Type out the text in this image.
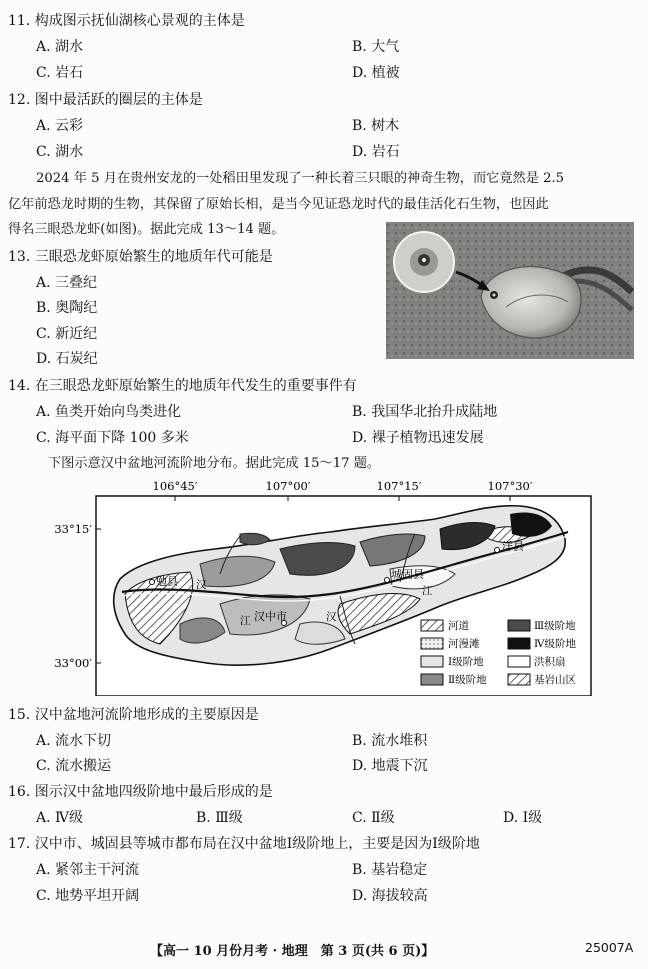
11. 构成图示抚仙湖核心景观的主体是
A. 湖水	B. 大气
C. 岩石	D. 植被
12. 图中最活跃的圈层的主体是
A. 云彩	B. 树木
C. 湖水	D. 岩石
2024 年 5 月在贵州安龙的一处稻田里发现了一种长着三只眼的神奇生物，而它竟然是 2.5
亿年前恐龙时期的生物，其保留了原始长相，是当今见证恐龙时代的最佳活化石生物，也因此
得名三眼恐龙虾(如图)。据此完成 13～14 题。
13. 三眼恐龙虾原始繁生的地质年代可能是
A. 三叠纪
B. 奥陶纪
C. 新近纪
D. 石炭纪
14. 在三眼恐龙虾原始繁生的地质年代发生的重要事件有
A. 鱼类开始向鸟类进化	B. 我国华北抬升成陆地
C. 海平面下降 100 多米	D. 裸子植物迅速发展
下图示意汉中盆地河流阶地分布。据此完成 15～17 题。
106°45′	107°00′	107°15′	107°30′
33°15′
33°00′
勉县
城固县
汉中市
洋县
汉
江	汉
江
河道
河漫滩
Ⅰ级阶地
Ⅱ级阶地
Ⅲ级阶地
Ⅳ级阶地
洪积扇
基岩山区
15. 汉中盆地河流阶地形成的主要原因是
A. 流水下切	B. 流水堆积
C. 流水搬运	D. 地震下沉
16. 图示汉中盆地四级阶地中最后形成的是
A. Ⅳ级	B. Ⅲ级	C. Ⅱ级	D. Ⅰ级
17. 汉中市、城固县等城市都布局在汉中盆地Ⅰ级阶地上，主要是因为Ⅰ级阶地
A. 紧邻主干河流	B. 基岩稳定
C. 地势平坦开阔	D. 海拔较高
【高一 10 月份月考 · 地理　第 3 页(共 6 页)】	25007A
